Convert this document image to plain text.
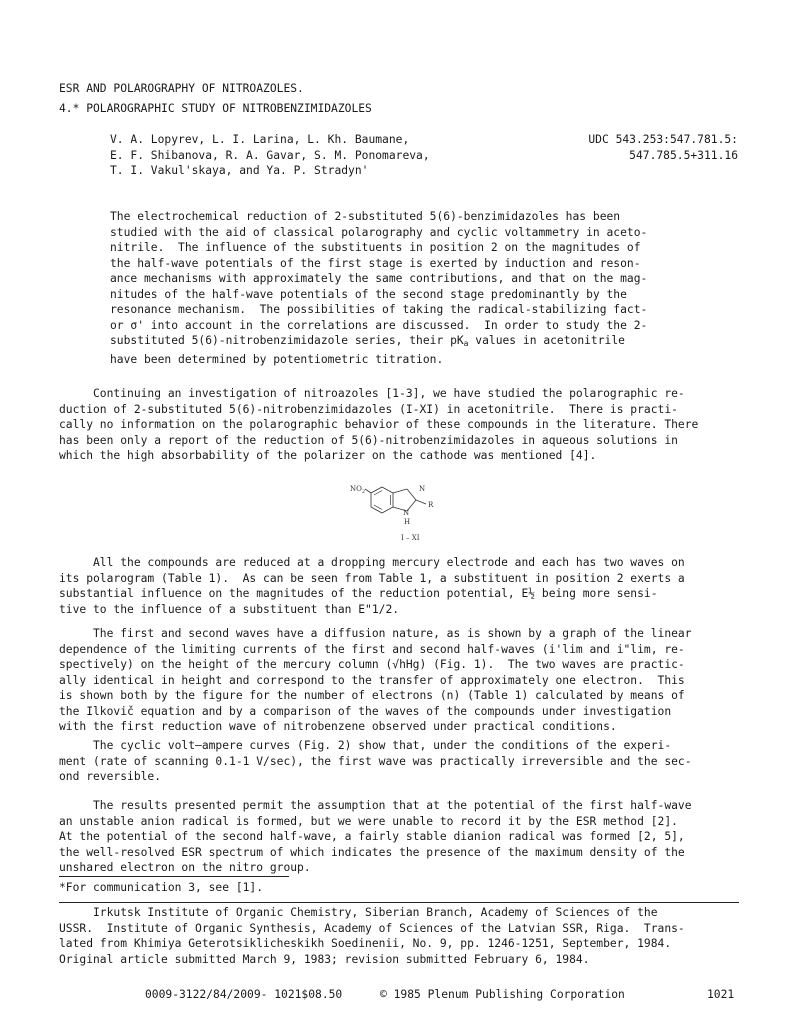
ESR AND POLAROGRAPHY OF NITROAZOLES.

4.* POLAROGRAPHIC STUDY OF NITROBENZIMIDAZOLES

V. A. Lopyrev, L. I. Larina, L. Kh. Baumane,
E. F. Shibanova, R. A. Gavar, S. M. Ponomareva,
T. I. Vakul'skaya, and Ya. P. Stradyn'
UDC 543.253:547.781.5:
547.785.5+311.16
The electrochemical reduction of 2-substituted 5(6)-benzimidazoles has been
studied with the aid of classical polarography and cyclic voltammetry in aceto-
nitrile.  The influence of the substituents in position 2 on the magnitudes of
the half-wave potentials of the first stage is exerted by induction and reson-
ance mechanisms with approximately the same contributions, and that on the mag-
nitudes of the half-wave potentials of the second stage predominantly by the
resonance mechanism.  The possibilities of taking the radical-stabilizing fact-
or σ' into account in the correlations are discussed.  In order to study the 2-
substituted 5(6)-nitrobenzimidazole series, their $pK_a$ values in acetonitrile
have been determined by potentiometric titration.
Continuing an investigation of nitroazoles [1-3], we have studied the polarographic re-
duction of 2-substituted 5(6)-nitrobenzimidazoles (I-XI) in acetonitrile.  There is practi-
cally no information on the polarographic behavior of these compounds in the literature. There
has been only a report of the reduction of 5(6)-nitrobenzimidazoles in aqueous solutions in
which the high absorbability of the polarizer on the cathode was mentioned [4].
$NO_2$	N
N
H
R
I – XI
All the compounds are reduced at a dropping mercury electrode and each has two waves on
its polarogram (Table 1).  As can be seen from Table 1, a substituent in position 2 exerts a
substantial influence on the magnitudes of the reduction potential, E½ being more sensi-
tive to the influence of a substituent than E"1/2.
The first and second waves have a diffusion nature, as is shown by a graph of the linear
dependence of the limiting currents of the first and second half-waves (i'lim and i"lim, re-
spectively) on the height of the mercury column (√hHg) (Fig. 1).  The two waves are practic-
ally identical in height and correspond to the transfer of approximately one electron.  This
is shown both by the figure for the number of electrons (n) (Table 1) calculated by means of
the Ilkovič equation and by a comparison of the waves of the compounds under investigation
with the first reduction wave of nitrobenzene observed under practical conditions.
The cyclic volt–ampere curves (Fig. 2) show that, under the conditions of the experi-
ment (rate of scanning 0.1-1 V/sec), the first wave was practically irreversible and the sec-
ond reversible.
The results presented permit the assumption that at the potential of the first half-wave
an unstable anion radical is formed, but we were unable to record it by the ESR method [2].
At the potential of the second half-wave, a fairly stable dianion radical was formed [2, 5],
the well-resolved ESR spectrum of which indicates the presence of the maximum density of the
unshared electron on the nitro group.

*For communication 3, see [1].

Irkutsk Institute of Organic Chemistry, Siberian Branch, Academy of Sciences of the
USSR.  Institute of Organic Synthesis, Academy of Sciences of the Latvian SSR, Riga.  Trans-
lated from Khimiya Geterotsiklicheskikh Soedinenii, No. 9, pp. 1246-1251, September, 1984.
Original article submitted March 9, 1983; revision submitted February 6, 1984.

0009-3122/84/2009- 1021$08.50	© 1985 Plenum Publishing Corporation	1021
